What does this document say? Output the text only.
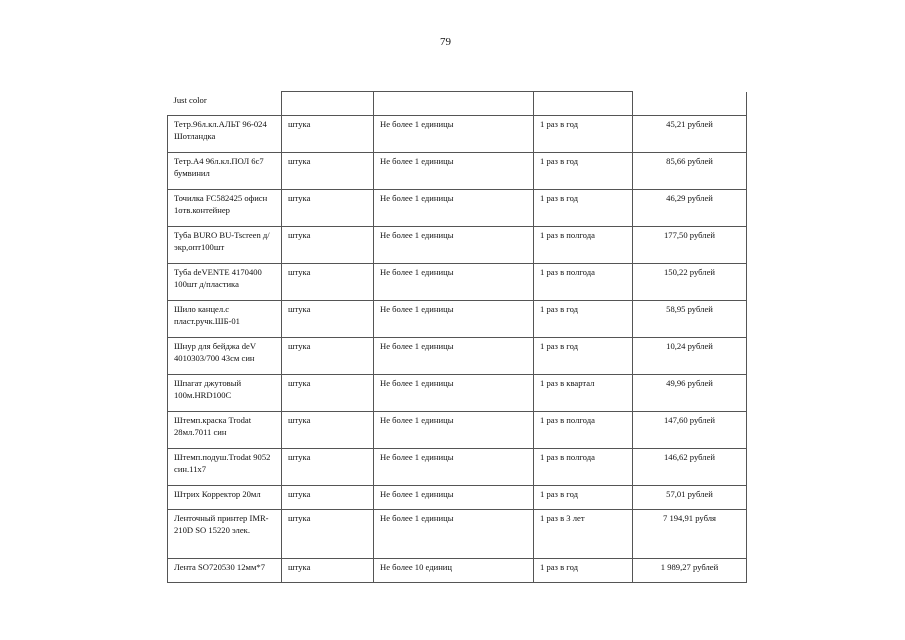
79
Just color				
Тетр.96л.кл.АЛЬТ 96-024 Шотландка	штука	Не более 1 единицы	1 раз в год	45,21 рублей
Тетр.А4 96л.кл.ПОЛ 6с7 бумвинил	штука	Не более 1 единицы	1 раз в год	85,66 рублей
Точилка FC582425 офисн 1отв.контейнер	штука	Не более 1 единицы	1 раз в год	46,29 рублей
Туба BURO BU-Tscreen д/экр,опт100шт	штука	Не более 1 единицы	1 раз в полгода	177,50 рублей
Туба deVENTE 4170400 100шт д/пластика	штука	Не более 1 единицы	1 раз в полгода	150,22 рублей
Шило канцел.с пласт.ручк.ШБ-01	штука	Не более 1 единицы	1 раз в год	58,95 рублей
Шнур для бейджа deV 4010303/700 43см син	штука	Не более 1 единицы	1 раз в год	10,24 рублей
Шпагат джутовый 100м.HRD100C	штука	Не более 1 единицы	1 раз в квартал	49,96 рублей
Штемп.краска Trodat 28мл.7011 син	штука	Не более 1 единицы	1 раз в полгода	147,60 рублей
Штемп.подуш.Trodat 9052 син.11х7	штука	Не более 1 единицы	1 раз в полгода	146,62 рублей
Штрих Корректор 20мл	штука	Не более 1 единицы	1 раз в год	57,01 рублей
Ленточный принтер IMR-210D SO 15220 элек.	штука	Не более 1 единицы	1 раз в 3 лет	7 194,91 рубля
Лента SO720530 12мм*7	штука	Не более 10 единиц	1 раз в год	1 989,27 рублей
